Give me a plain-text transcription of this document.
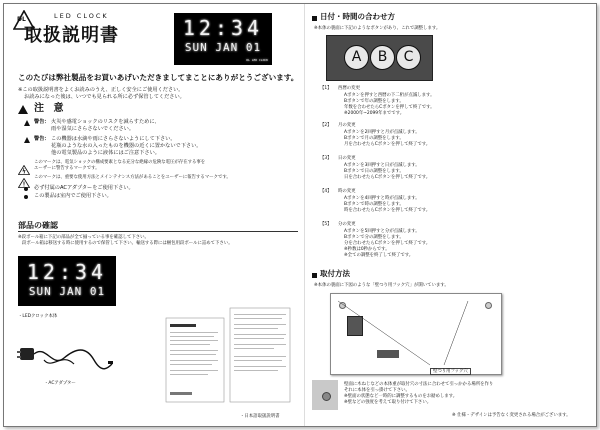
DL	LED CLOCK
取扱説明書	12:34
SUN JAN 01
DL LED CLOCK
このたびは弊社製品をお買いあげいただきましてまことにありがとうございます。
※この取扱説明書をよくお読みのうえ、正しく安全にご使用ください。
お読みになった後は、いつでも見られる所に必ず保管してください。
注 意
警告： 火災や感電ショックのリスクを減らすために、
雨や湿気にさらさないでください。
警告： この機器は水滴や雨にさらさないようにして下さい。
花瓶のような水の入ったものを機器の近くに置かないで下さい。
他の電気製品のように液体にはご注意下さい。
このマークは、電気ショックの構成要素となる充分な絶縁の危険な電圧が存在する事を
ユーザーに警告するマークです。
このマークは、重要な使用方法とメインテナンス方法があることをユーザーに報告するマークです。
必ず付属のACアダプターをご使用下さい。
この製品は室内でご使用下さい。
部品の確認
※段ボール箱に下記の部品が全て揃っている事を確認して下さい。
段ボール箱は移送する時に使用するので保管して下さい。輸送する際には梱包用段ボールに詰めて下さい。
12:34
SUN JAN 01
・LEDクロック本体
・ACアダプター
・日本語取扱説明書
日付・時間の合わせ方
※本体の裏面に下記のようなボタンがあり、これで調整します。
A	B	C
【1】 西暦の変更
Aボタンを押すと西暦の下二桁が点滅します。
Bボタンで年の調整をします。
年数を合わせたらCボタンを押して終了です。
※2000年~2099年までです。
【2】 月の変更
Aボタンを2回押すと月が点滅します。
Bボタンで月の調整をします。
月を合わせたらCボタンを押して終了です。
【3】 日の変更
Aボタンを3回押すと日が点滅します。
Bボタンで日の調整をします。
日を合わせたらCボタンを押して終了です。
【4】 時の変更
Aボタンを4回押すと時が点滅します。
Bボタンで時の調整をします。
時を合わせたらCボタンを押して終了です。
【5】 分の変更
Aボタンを5回押すと分が点滅します。
Bボタンで分の調整をします。
分を合わせたらCボタンを押して終了です。
※秒数は0秒からです。
※全ての調整を終了して終了です。
取付方法
※本体の裏面に下図のような「壁つり用フック穴」が開いています。
壁つり用フック穴
壁面に木ねじなどの本体重が取付穴の寸法に合わせて引っかかる場所を作り
それに本体を引っ掛けて下さい。
※壁面の状態など一時的に調整するものをお勧めします。
※壁などの強度を考えて取り付けて下さい。
※ 仕様・デザインは予告なく変更される場合がございます。
